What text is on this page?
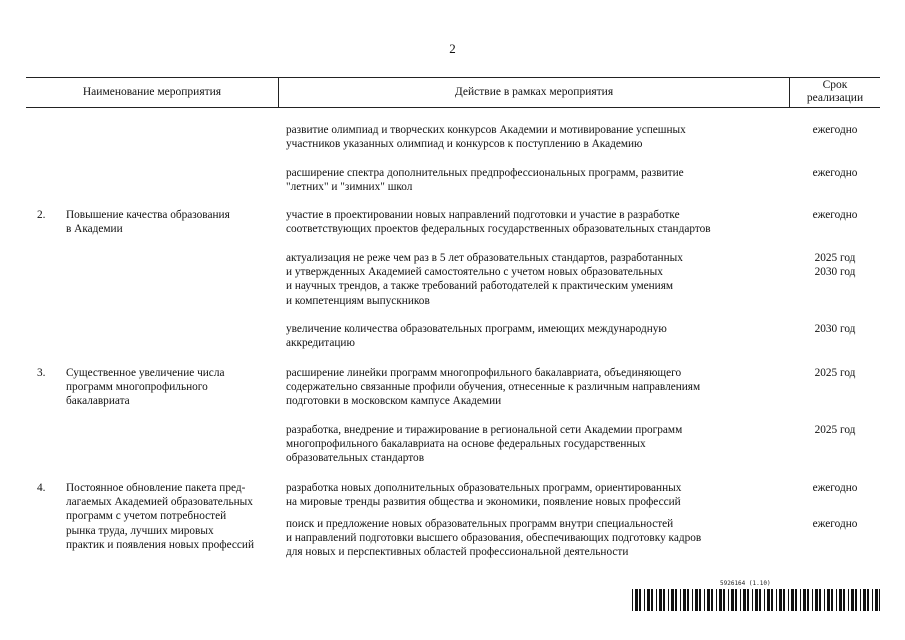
2
Наименование мероприятия	Действие в рамках мероприятия
Срок
реализации
развитие олимпиад и творческих конкурсов Академии и мотивирование успешных
участников указанных олимпиад и конкурсов к поступлению в Академию
ежегодно
расширение спектра дополнительных предпрофессиональных программ, развитие
"летних" и "зимних" школ
ежегодно
2. Повышение качества образования
в Академии
участие в проектировании новых направлений подготовки и участие в разработке
соответствующих проектов федеральных государственных образовательных стандартов
ежегодно
актуализация не реже чем раз в 5 лет образовательных стандартов, разработанных
и утвержденных Академией самостоятельно с учетом новых образовательных
и научных трендов, а также требований работодателей к практическим умениям
и компетенциям выпускников
2025 год
2030 год
увеличение количества образовательных программ, имеющих международную
аккредитацию
2030 год
3. Существенное увеличение числа
программ многопрофильного
бакалавриата
расширение линейки программ многопрофильного бакалавриата, объединяющего
содержательно связанные профили обучения, отнесенные к различным направлениям
подготовки в московском кампусе Академии
2025 год
разработка, внедрение и тиражирование в региональной сети Академии программ
многопрофильного бакалавриата на основе федеральных государственных
образовательных стандартов
2025 год
4. Постоянное обновление пакета пред-
лагаемых Академией образовательных
программ с учетом потребностей
рынка труда, лучших мировых
практик и появления новых профессий
разработка новых дополнительных образовательных программ, ориентированных
на мировые тренды развития общества и экономики, появление новых профессий
ежегодно
поиск и предложение новых образовательных программ внутри специальностей
и направлений подготовки высшего образования, обеспечивающих подготовку кадров
для новых и перспективных областей профессиональной деятельности
ежегодно
5926164 (1.10)
